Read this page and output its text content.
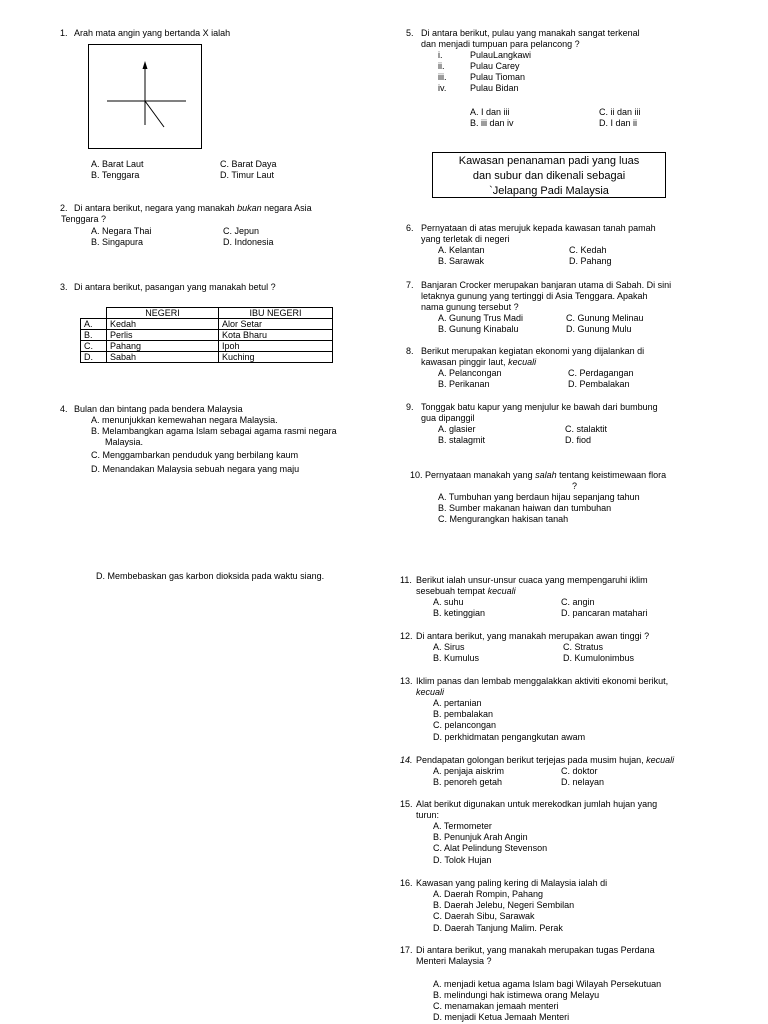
1. Arah mata angin yang bertanda X ialah
A. Barat Laut	C. Barat Daya
B. Tenggara	D. Timur Laut
2. Di antara berikut, negara yang manakah bukan negara Asia
Tenggara ?
A. Negara Thai	C. Jepun
B. Singapura	D. Indonesia
3. Di antara berikut, pasangan yang manakah betul ?
	NEGERI	IBU NEGERI
A.	Kedah	Alor Setar
B.	Perlis	Kota Bharu
C.	Pahang	Ipoh
D.	Sabah	Kuching
4. Bulan dan bintang pada bendera Malaysia
A. menunjukkan kemewahan negara Malaysia.
B. Melambangkan agama Islam sebagai agama rasmi negara
Malaysia.
C. Menggambarkan penduduk yang berbilang kaum
D. Menandakan Malaysia sebuah negara yang maju
D. Membebaskan gas karbon dioksida pada waktu siang.
5. Di antara berikut, pulau yang manakah sangat terkenal
dan menjadi tumpuan para pelancong ?
i.	PulauLangkawi
ii.	Pulau Carey
iii.	Pulau Tioman
iv.	Pulau Bidan
A. I dan iii	C. ii dan iii
B. iii dan iv	D. I dan ii
Kawasan penanaman padi yang luas
dan subur dan dikenali sebagai
`Jelapang Padi Malaysia
6. Pernyataan di atas merujuk kepada kawasan tanah pamah
yang terletak di negeri
A. Kelantan	C. Kedah
B. Sarawak	D. Pahang
7. Banjaran Crocker merupakan banjaran utama di Sabah. Di sini
letaknya gunung yang tertinggi di Asia Tenggara. Apakah
nama gunung tersebut ?
A. Gunung Trus Madi	C. Gunung Melinau
B. Gunung Kinabalu	D. Gunung Mulu
8. Berikut merupakan kegiatan ekonomi yang dijalankan di
kawasan pinggir laut, kecuali
A. Pelancongan	C. Perdagangan
B. Perikanan	D. Pembalakan
9. Tonggak batu kapur yang menjulur ke bawah dari bumbung
gua dipanggil
A. glasier	C. stalaktit
B. stalagmit	D. fiod
10. Pernyataan manakah yang salah tentang keistimewaan flora
?
A. Tumbuhan yang berdaun hijau sepanjang tahun
B. Sumber makanan haiwan dan tumbuhan
C. Mengurangkan hakisan tanah
11. Berikut ialah unsur-unsur cuaca yang mempengaruhi iklim
sesebuah tempat kecuali
A. suhu	C. angin
B. ketinggian	D. pancaran matahari
12. Di antara berikut, yang manakah merupakan awan tinggi ?
A. Sirus	C. Stratus
B. Kumulus	D. Kumulonimbus
13. Iklim panas dan lembab menggalakkan aktiviti ekonomi berikut,
kecuali
A. pertanian
B. pembalakan
C. pelancongan
D. perkhidmatan pengangkutan awam
14. Pendapatan golongan berikut terjejas pada musim hujan, kecuali
A. penjaja aiskrim	C. doktor
B. penoreh getah	D. nelayan
15. Alat berikut digunakan untuk merekodkan jumlah hujan yang
turun:
A. Termometer
B. Penunjuk Arah Angin
C. Alat Pelindung Stevenson
D. Tolok Hujan
16. Kawasan yang paling kering di Malaysia ialah di
A. Daerah Rompin, Pahang
B. Daerah Jelebu, Negeri Sembilan
C. Daerah Sibu, Sarawak
D. Daerah Tanjung Malim. Perak
17. Di antara berikut, yang manakah merupakan tugas Perdana
Menteri Malaysia ?
A. menjadi ketua agama Islam bagi Wilayah Persekutuan
B. melindungi hak istimewa orang Melayu
C. menamakan jemaah menteri
D. menjadi Ketua Jemaah Menteri
